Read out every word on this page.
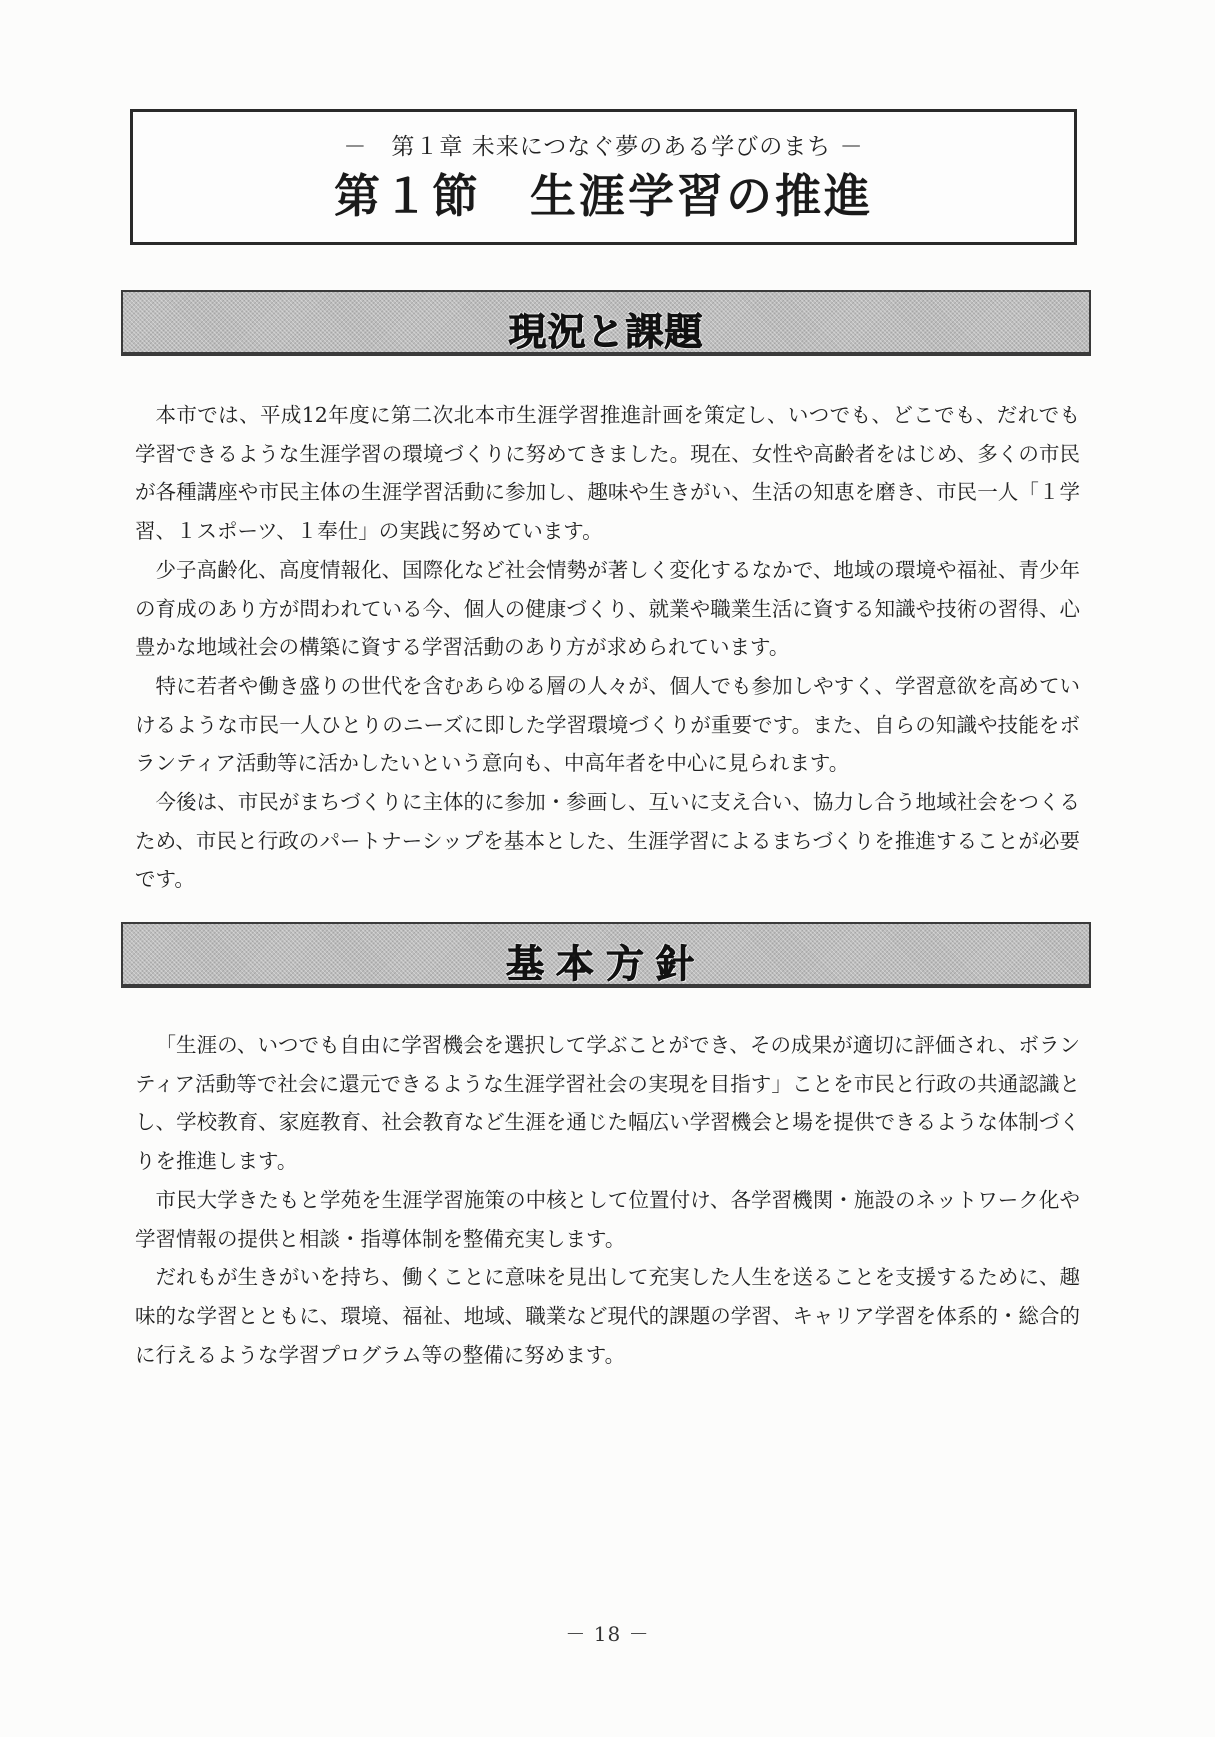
－　第１章 未来につなぐ夢のある学びのまち －
第１節　生涯学習の推進
現況と課題

本市では、平成12年度に第二次北本市生涯学習推進計画を策定し、いつでも、どこでも、だれでも学習できるような生涯学習の環境づくりに努めてきました。現在、女性や高齢者をはじめ、多くの市民が各種講座や市民主体の生涯学習活動に参加し、趣味や生きがい、生活の知恵を磨き、市民一人「１学習、１スポーツ、１奉仕」の実践に努めています。

少子高齢化、高度情報化、国際化など社会情勢が著しく変化するなかで、地域の環境や福祉、青少年の育成のあり方が問われている今、個人の健康づくり、就業や職業生活に資する知識や技術の習得、心豊かな地域社会の構築に資する学習活動のあり方が求められています。

特に若者や働き盛りの世代を含むあらゆる層の人々が、個人でも参加しやすく、学習意欲を高めていけるような市民一人ひとりのニーズに即した学習環境づくりが重要です。また、自らの知識や技能をボランティア活動等に活かしたいという意向も、中高年者を中心に見られます。

今後は、市民がまちづくりに主体的に参加・参画し、互いに支え合い、協力し合う地域社会をつくるため、市民と行政のパートナーシップを基本とした、生涯学習によるまちづくりを推進することが必要です。

基本方針

「生涯の、いつでも自由に学習機会を選択して学ぶことができ、その成果が適切に評価され、ボランティア活動等で社会に還元できるような生涯学習社会の実現を目指す」ことを市民と行政の共通認識とし、学校教育、家庭教育、社会教育など生涯を通じた幅広い学習機会と場を提供できるような体制づくりを推進します。

市民大学きたもと学苑を生涯学習施策の中核として位置付け、各学習機関・施設のネットワーク化や学習情報の提供と相談・指導体制を整備充実します。

だれもが生きがいを持ち、働くことに意味を見出して充実した人生を送ることを支援するために、趣味的な学習とともに、環境、福祉、地域、職業など現代的課題の学習、キャリア学習を体系的・総合的に行えるような学習プログラム等の整備に努めます。

－ 18 －
